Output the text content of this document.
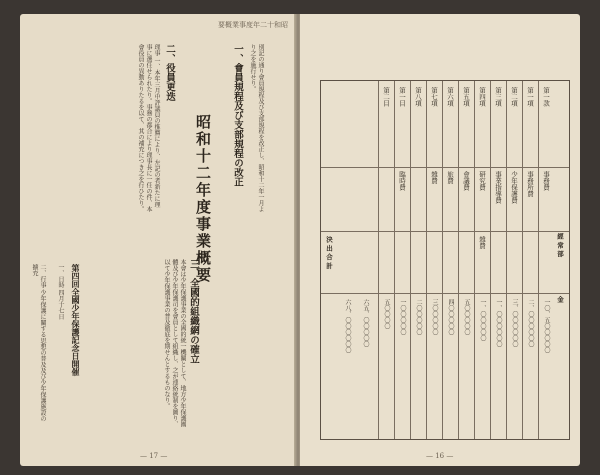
要概業事度年二十和昭
昭和十二年度事業概要 一、會員規程及び支部規程の改正	別記の通り會員規程及び支部規程を改正し、昭和十二年一月より之を施行せり。
二、役員更迭
理事 一、本年三月中評議員の推薦により、左記の者新たに理事に選任せられたり。事務の都合により理事長に一任の件、本會役員の異動ありたるを以て、其の補充につき之を行ひたり。
三、全國的組織網の確立
本會は少年保護事業の全國的統一機關として、地方少年保護團體及び少年保護司を會員として組織し、之が連絡統制を圖り、以て少年保護事業の普及徹底を期せんとするものなり。
第四回全國少年保護記念日開催
一、日時 四月十七日
二、行事 少年保護に關する思想の普及及び少年保護施設の擴充
— 17 —
經 常 部
金
決 出 合 計
第一款
事務費
一〇、五〇〇〇〇〇
第一項
事務所費
二、〇〇〇〇〇〇
第二項
少年保護費
三、〇〇〇〇〇〇
第三項
事業指導費
一、〇〇〇〇〇〇
第四項
研究費
雜費
一、〇〇〇〇〇
第五項
會議費
五〇〇〇〇〇
第六項
旅費
四〇〇〇〇〇
第七項
雜費
三〇〇〇〇〇
第八項
二〇〇〇〇〇
第一目
臨時費
一〇〇〇〇〇
第二目
五〇〇〇〇
六八、〇〇〇〇〇〇 六五、〇〇〇〇〇
— 16 —
